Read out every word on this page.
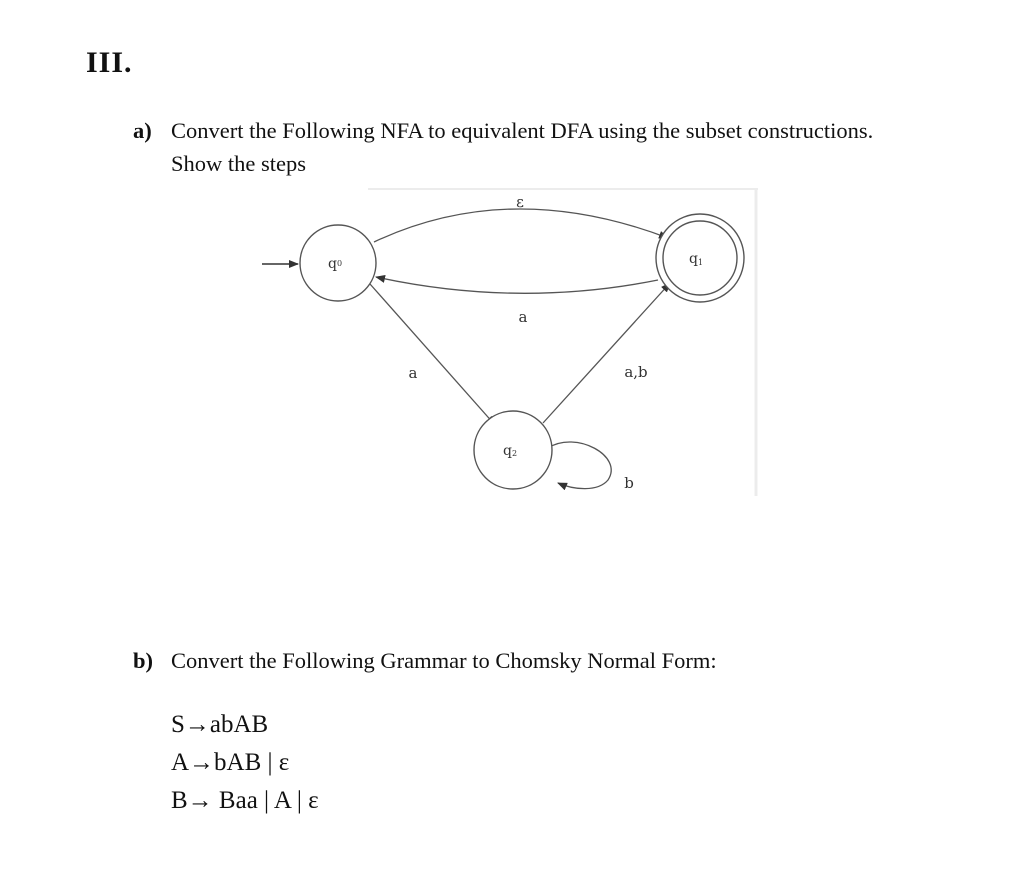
III.
a) Convert the Following NFA to equivalent DFA using the subset constructions.
Show the steps
ε
a
a	a,b
b
q0	q1
q2
b) Convert the Following Grammar to Chomsky Normal Form:
S→abAB
A→bAB | ε
B→ Baa | A | ε
